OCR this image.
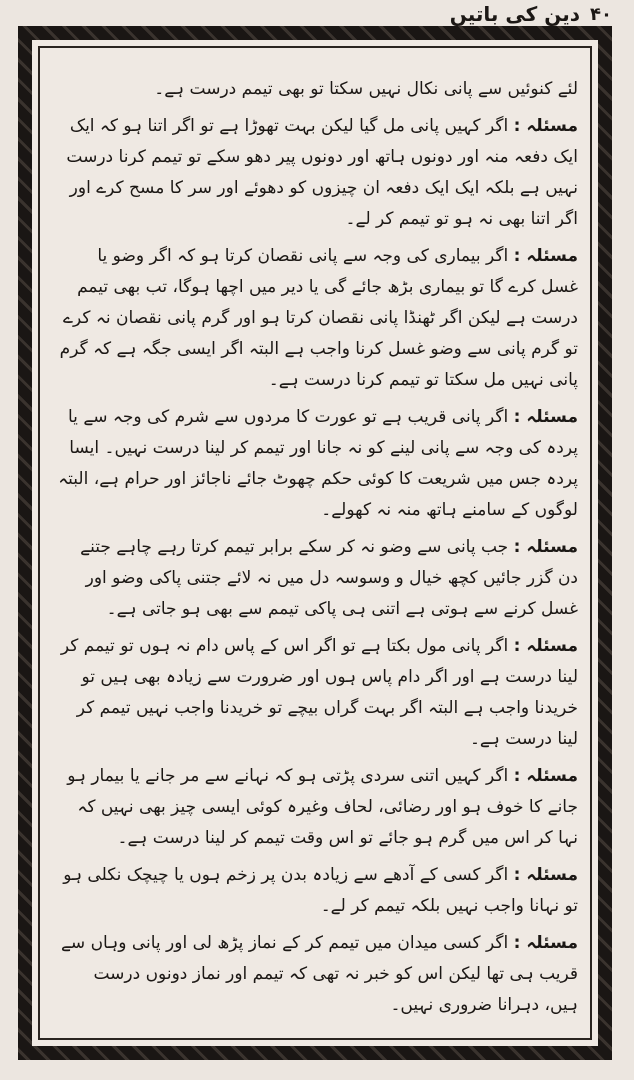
۴۰
دین کی باتیں

لئے کنوئیں سے پانی نکال نہیں سکتا تو بھی تیمم درست ہے۔

مسئلہ : اگر کہیں پانی مل گیا لیکن بہت تھوڑا ہے تو اگر اتنا ہو کہ ایک ایک دفعہ منہ اور دونوں ہاتھ اور دونوں پیر دھو سکے تو تیمم کرنا درست نہیں ہے بلکہ ایک ایک دفعہ ان چیزوں کو دھوئے اور سر کا مسح کرے اور اگر اتنا بھی نہ ہو تو تیمم کر لے۔

مسئلہ : اگر بیماری کی وجہ سے پانی نقصان کرتا ہو کہ اگر وضو یا غسل کرے گا تو بیماری بڑھ جائے گی یا دیر میں اچھا ہوگا، تب بھی تیمم درست ہے لیکن اگر ٹھنڈا پانی نقصان کرتا ہو اور گرم پانی نقصان نہ کرے تو گرم پانی سے وضو غسل کرنا واجب ہے البتہ اگر ایسی جگہ ہے کہ گرم پانی نہیں مل سکتا تو تیمم کرنا درست ہے۔

مسئلہ : اگر پانی قریب ہے تو عورت کا مردوں سے شرم کی وجہ سے یا پردہ کی وجہ سے پانی لینے کو نہ جانا اور تیمم کر لینا درست نہیں۔ ایسا پردہ جس میں شریعت کا کوئی حکم چھوٹ جائے ناجائز اور حرام ہے، البتہ لوگوں کے سامنے ہاتھ منہ نہ کھولے۔

مسئلہ : جب پانی سے وضو نہ کر سکے برابر تیمم کرتا رہے چاہے جتنے دن گزر جائیں کچھ خیال و وسوسہ دل میں نہ لائے جتنی پاکی وضو اور غسل کرنے سے ہوتی ہے اتنی ہی پاکی تیمم سے بھی ہو جاتی ہے۔

مسئلہ : اگر پانی مول بکتا ہے تو اگر اس کے پاس دام نہ ہوں تو تیمم کر لینا درست ہے اور اگر دام پاس ہوں اور ضرورت سے زیادہ بھی ہیں تو خریدنا واجب ہے البتہ اگر بہت گراں بیچے تو خریدنا واجب نہیں تیمم کر لینا درست ہے۔

مسئلہ : اگر کہیں اتنی سردی پڑتی ہو کہ نہانے سے مر جانے یا بیمار ہو جانے کا خوف ہو اور رضائی، لحاف وغیرہ کوئی ایسی چیز بھی نہیں کہ نہا کر اس میں گرم ہو جائے تو اس وقت تیمم کر لینا درست ہے۔

مسئلہ : اگر کسی کے آدھے سے زیادہ بدن پر زخم ہوں یا چیچک نکلی ہو تو نہانا واجب نہیں بلکہ تیمم کر لے۔

مسئلہ : اگر کسی میدان میں تیمم کر کے نماز پڑھ لی اور پانی وہاں سے قریب ہی تھا لیکن اس کو خبر نہ تھی کہ تیمم اور نماز دونوں درست ہیں، دہرانا ضروری نہیں۔
